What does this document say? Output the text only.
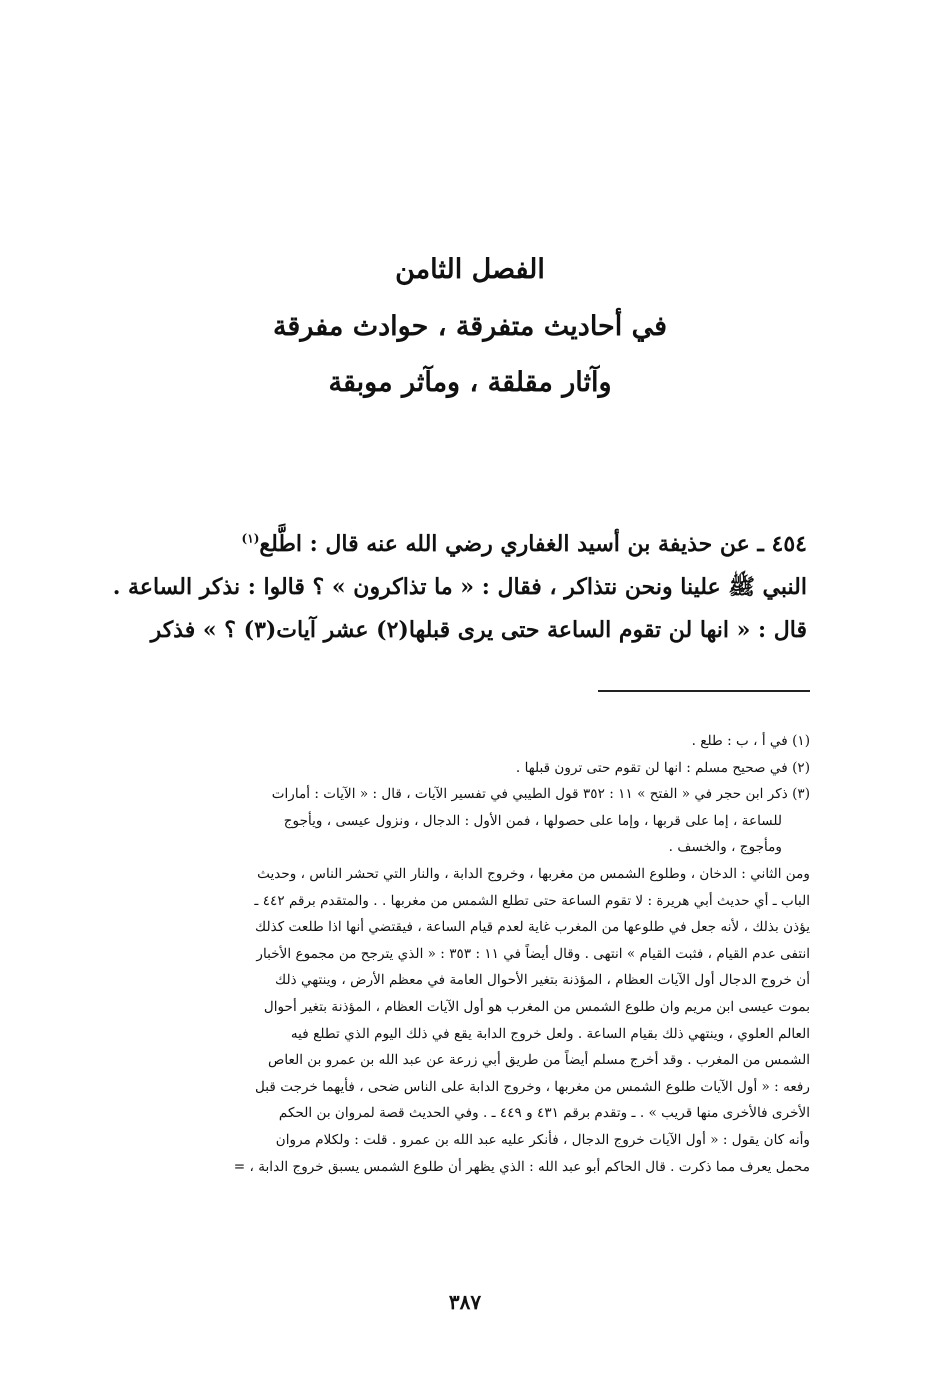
الفصل الثامن
في أحاديث متفرقة ، حوادث مفرقة
وآثار مقلقة ، ومآثر موبقة
٤٥٤ ـ عن حذيفة بن أسيد الغفاري رضي الله عنه قال : اطَّلع$^{(١)}$
النبي ﷺ علينا ونحن نتذاكر ، فقال : « ما تذاكرون » ؟ قالوا : نذكر الساعة .
قال : « انها لن تقوم الساعة حتى يرى قبلها(٢) عشر آيات(٣) ؟ » فذكر
(١) في أ ، ب : طلع .
(٢) في صحيح مسلم : انها لن تقوم حتى ترون قبلها .
(٣) ذكر ابن حجر في « الفتح » ١١ : ٣٥٢ قول الطيبي في تفسير الآيات ، قال : « الآيات : أمارات
للساعة ، إما على قربها ، وإما على حصولها ، فمن الأول : الدجال ، ونزول عيسى ، ويأجوج
ومأجوج ، والخسف .
ومن الثاني : الدخان ، وطلوع الشمس من مغربها ، وخروج الدابة ، والنار التي تحشر الناس ، وحديث
الباب ـ أي حديث أبي هريرة : لا تقوم الساعة حتى تطلع الشمس من مغربها . . والمتقدم برقم ٤٤٢ ـ
يؤذن بذلك ، لأنه جعل في طلوعها من المغرب غاية لعدم قيام الساعة ، فيقتضي أنها اذا طلعت كذلك
انتفى عدم القيام ، فثبت القيام » انتهى . وقال أيضاً في ١١ : ٣٥٣ : « الذي يترجح من مجموع الأخبار
أن خروج الدجال أول الآيات العظام ، المؤذنة بتغير الأحوال العامة في معظم الأرض ، وينتهي ذلك
بموت عيسى ابن مريم وان طلوع الشمس من المغرب هو أول الآيات العظام ، المؤذنة بتغير أحوال
العالم العلوي ، وينتهي ذلك بقيام الساعة . ولعل خروج الدابة يقع في ذلك اليوم الذي تطلع فيه
الشمس من المغرب . وقد أخرج مسلم أيضاً من طريق أبي زرعة عن عبد الله بن عمرو بن العاص
رفعه : « أول الآيات طلوع الشمس من مغربها ، وخروج الدابة على الناس ضحى ، فأيهما خرجت قبل
الأخرى فالأخرى منها قريب » . ـ وتقدم برقم ٤٣١ و ٤٤٩ ـ . وفي الحديث قصة لمروان بن الحكم
وأنه كان يقول : « أول الآيات خروج الدجال ، فأنكر عليه عبد الله بن عمرو . قلت : ولكلام مروان
محمل يعرف مما ذكرت . قال الحاكم أبو عبد الله : الذي يظهر أن طلوع الشمس يسبق خروج الدابة ، =
٣٨٧
